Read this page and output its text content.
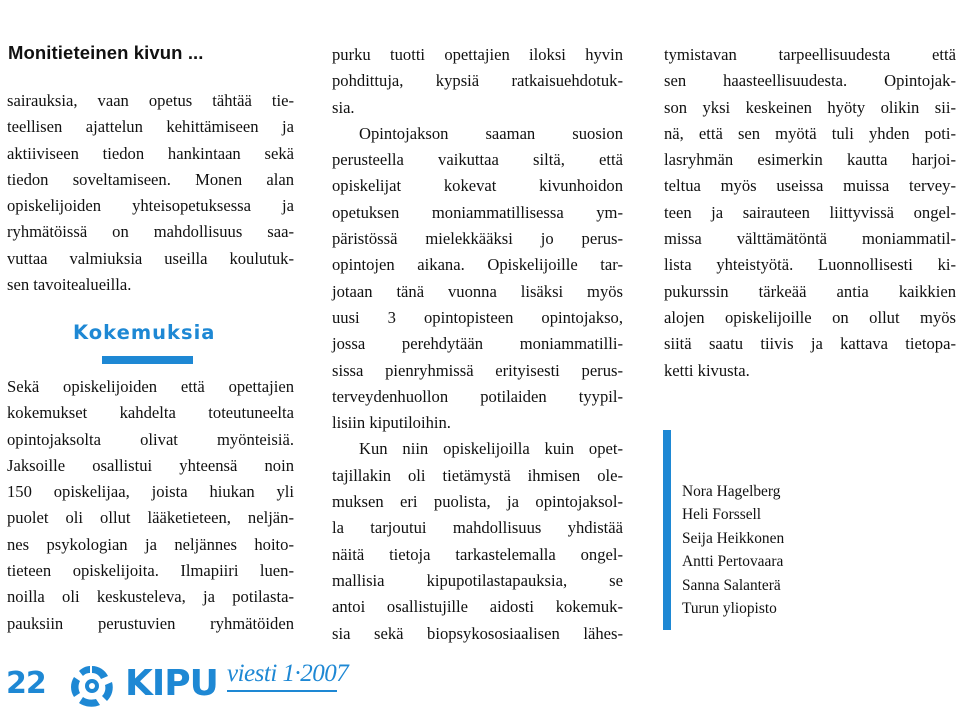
Monitieteinen kivun ...
sairauksia, vaan opetus tähtää tie-
teellisen ajattelun kehittämiseen ja
aktiiviseen tiedon hankintaan sekä
tiedon soveltamiseen. Monen alan
opiskelijoiden yhteisopetuksessa ja
ryhmätöissä on mahdollisuus saa-
vuttaa valmiuksia useilla koulutuk-
sen tavoitealueilla.
Kokemuksia
Sekä opiskelijoiden että opettajien
kokemukset kahdelta toteutuneelta
opintojaksolta olivat myönteisiä.
Jaksoille osallistui yhteensä noin
150 opiskelijaa, joista hiukan yli
puolet oli ollut lääketieteen, neljän-
nes psykologian ja neljännes hoito-
tieteen opiskelijoita. Ilmapiiri luen-
noilla oli keskusteleva, ja potilasta-
pauksiin perustuvien ryhmätöiden
purku tuotti opettajien iloksi hyvin
pohdittuja, kypsiä ratkaisuehdotuk-
sia.
Opintojakson saaman suosion
perusteella vaikuttaa siltä, että
opiskelijat kokevat kivunhoidon
opetuksen moniammatillisessa ym-
päristössä mielekkääksi jo perus-
opintojen aikana. Opiskelijoille tar-
jotaan tänä vuonna lisäksi myös
uusi 3 opintopisteen opintojakso,
jossa perehdytään moniammatilli-
sissa pienryhmissä erityisesti perus-
terveydenhuollon potilaiden tyypil-
lisiin kiputiloihin.
Kun niin opiskelijoilla kuin opet-
tajillakin oli tietämystä ihmisen ole-
muksen eri puolista, ja opintojaksol-
la tarjoutui mahdollisuus yhdistää
näitä tietoja tarkastelemalla ongel-
mallisia kipupotilastapauksia, se
antoi osallistujille aidosti kokemuk-
sia sekä biopsykososiaalisen lähes-
tymistavan tarpeellisuudesta että
sen haasteellisuudesta. Opintojak-
son yksi keskeinen hyöty olikin sii-
nä, että sen myötä tuli yhden poti-
lasryhmän esimerkin kautta harjoi-
teltua myös useissa muissa tervey-
teen ja sairauteen liittyvissä ongel-
missa välttämätöntä moniammatil-
lista yhteistyötä. Luonnollisesti ki-
pukurssin tärkeää antia kaikkien
alojen opiskelijoille on ollut myös
siitä saatu tiivis ja kattava tietopa-
ketti kivusta.
Nora Hagelberg
Heli Forssell
Seija Heikkonen
Antti Pertovaara
Sanna Salanterä
Turun yliopisto
22 KIPU viesti 1·2007
